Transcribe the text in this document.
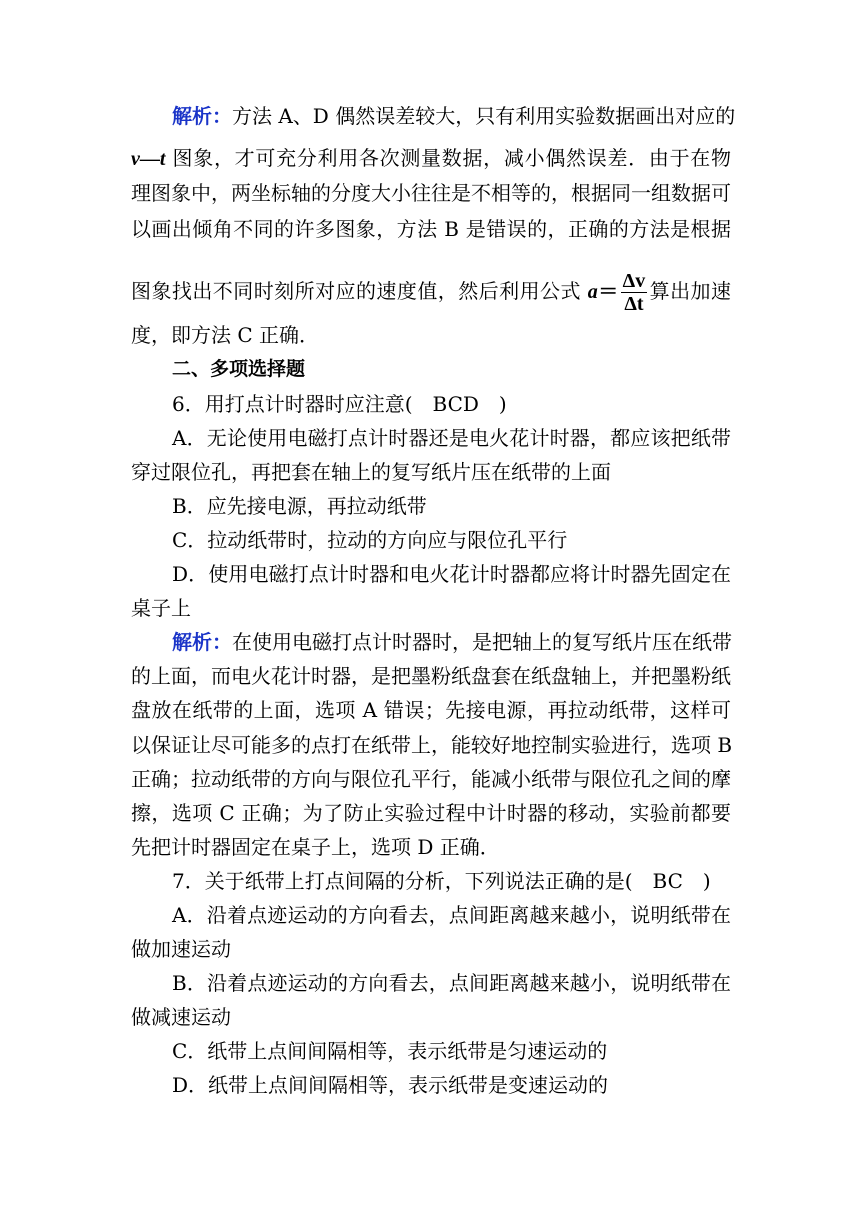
解析：方法 A、D 偶然误差较大，只有利用实验数据画出对应的
v—t 图象，才可充分利用各次测量数据，减小偶然误差．由于在物
理图象中，两坐标轴的分度大小往往是不相等的，根据同一组数据可
以画出倾角不同的许多图象，方法 B 是错误的，正确的方法是根据
图象找出不同时刻所对应的速度值，然后利用公式 $a= \frac{\Delta v}{\Delta t}$ 算出加速
度，即方法 C 正确．
二、多项选择题
6．用打点计时器时应注意(　BCD　)
A．无论使用电磁打点计时器还是电火花计时器，都应该把纸带
穿过限位孔，再把套在轴上的复写纸片压在纸带的上面
B．应先接电源，再拉动纸带
C．拉动纸带时，拉动的方向应与限位孔平行
D．使用电磁打点计时器和电火花计时器都应将计时器先固定在
桌子上
解析：在使用电磁打点计时器时，是把轴上的复写纸片压在纸带
的上面，而电火花计时器，是把墨粉纸盘套在纸盘轴上，并把墨粉纸
盘放在纸带的上面，选项 A 错误；先接电源，再拉动纸带，这样可
以保证让尽可能多的点打在纸带上，能较好地控制实验进行，选项 B
正确；拉动纸带的方向与限位孔平行，能减小纸带与限位孔之间的摩
擦，选项 C 正确；为了防止实验过程中计时器的移动，实验前都要
先把计时器固定在桌子上，选项 D 正确．
7．关于纸带上打点间隔的分析，下列说法正确的是(　BC　)
A．沿着点迹运动的方向看去，点间距离越来越小，说明纸带在
做加速运动
B．沿着点迹运动的方向看去，点间距离越来越小，说明纸带在
做减速运动
C．纸带上点间间隔相等，表示纸带是匀速运动的
D．纸带上点间间隔相等，表示纸带是变速运动的
